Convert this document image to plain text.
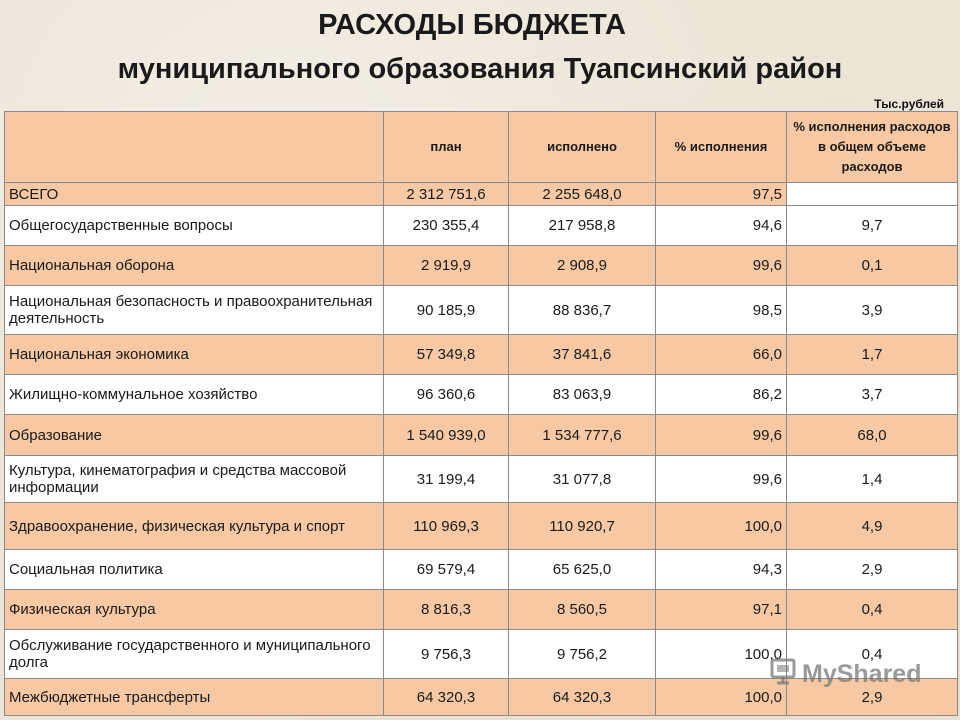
РАСХОДЫ БЮДЖЕТА
муниципального образования Туапсинский район
Тыс.рублей
	план	исполнено	% исполнения	% исполнения расходов в общем объеме расходов
ВСЕГО	2 312 751,6	2 255 648,0	97,5	
Общегосударственные вопросы	230 355,4	217 958,8	94,6	9,7
Национальная оборона	2 919,9	2 908,9	99,6	0,1
Национальная безопасность и правоохранительная деятельность	90 185,9	88 836,7	98,5	3,9
Национальная экономика	57 349,8	37 841,6	66,0	1,7
Жилищно-коммунальное хозяйство	96 360,6	83 063,9	86,2	3,7
Образование	1 540 939,0	1 534 777,6	99,6	68,0
Культура, кинематография и средства массовой информации	31 199,4	31 077,8	99,6	1,4
Здравоохранение, физическая культура и спорт	110 969,3	110 920,7	100,0	4,9
Социальная политика	69 579,4	65 625,0	94,3	2,9
Физическая культура	8 816,3	8 560,5	97,1	0,4
Обслуживание государственного и муниципального долга	9 756,3	9 756,2	100,0	0,4
Межбюджетные трансферты	64 320,3	64 320,3	100,0	2,9
MyShared
